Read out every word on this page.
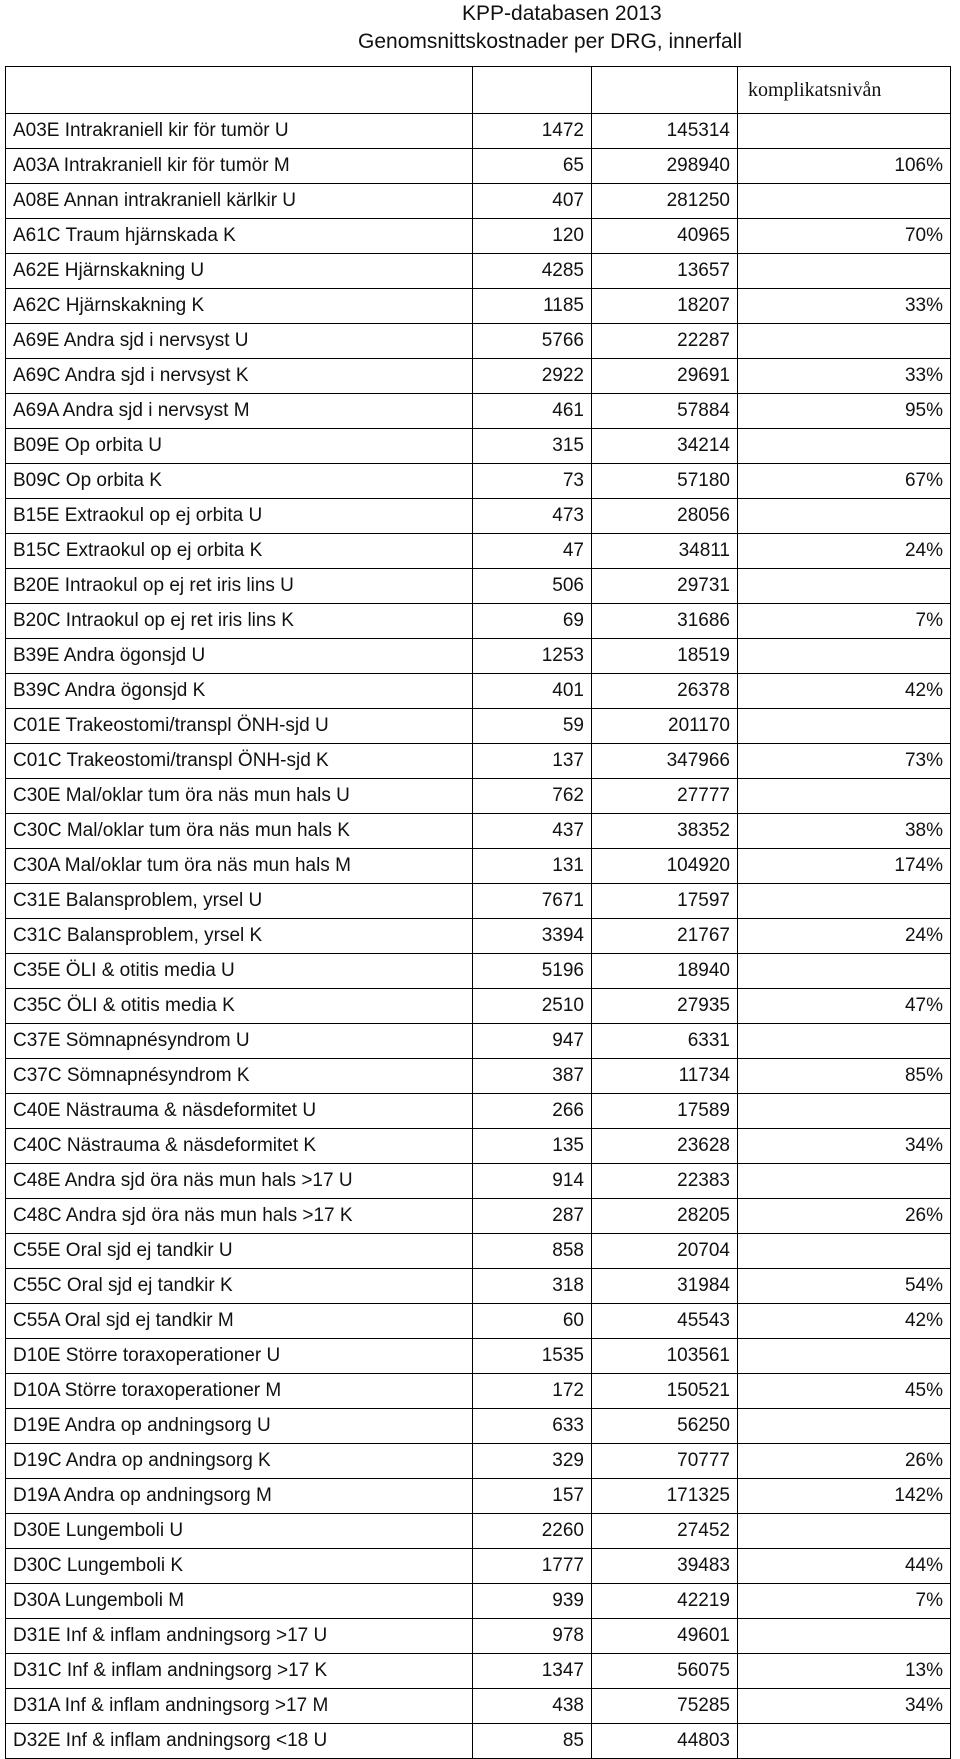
KPP-databasen 2013
Genomsnittskostnader per DRG, innerfall
			komplikatsnivån
A03E Intrakraniell kir för tumör U	1472	145314	
A03A Intrakraniell kir för tumör M	65	298940	106%
A08E Annan intrakraniell kärlkir U	407	281250	
A61C Traum hjärnskada K	120	40965	70%
A62E Hjärnskakning U	4285	13657	
A62C Hjärnskakning K	1185	18207	33%
A69E Andra sjd i nervsyst U	5766	22287	
A69C Andra sjd i nervsyst K	2922	29691	33%
A69A Andra sjd i nervsyst M	461	57884	95%
B09E Op orbita U	315	34214	
B09C Op orbita K	73	57180	67%
B15E Extraokul op ej orbita U	473	28056	
B15C Extraokul op ej orbita K	47	34811	24%
B20E Intraokul op ej ret iris lins U	506	29731	
B20C Intraokul op ej ret iris lins K	69	31686	7%
B39E Andra ögonsjd U	1253	18519	
B39C Andra ögonsjd K	401	26378	42%
C01E Trakeostomi/transpl ÖNH-sjd U	59	201170	
C01C Trakeostomi/transpl ÖNH-sjd K	137	347966	73%
C30E Mal/oklar tum öra näs mun hals U	762	27777	
C30C Mal/oklar tum öra näs mun hals K	437	38352	38%
C30A Mal/oklar tum öra näs mun hals M	131	104920	174%
C31E Balansproblem, yrsel U	7671	17597	
C31C Balansproblem, yrsel K	3394	21767	24%
C35E ÖLI & otitis media U	5196	18940	
C35C ÖLI & otitis media K	2510	27935	47%
C37E Sömnapnésyndrom U	947	6331	
C37C Sömnapnésyndrom K	387	11734	85%
C40E Nästrauma & näsdeformitet U	266	17589	
C40C Nästrauma & näsdeformitet K	135	23628	34%
C48E Andra sjd öra näs mun hals >17 U	914	22383	
C48C Andra sjd öra näs mun hals >17 K	287	28205	26%
C55E Oral sjd ej tandkir U	858	20704	
C55C Oral sjd ej tandkir K	318	31984	54%
C55A Oral sjd ej tandkir M	60	45543	42%
D10E Större toraxoperationer U	1535	103561	
D10A Större toraxoperationer M	172	150521	45%
D19E Andra op andningsorg U	633	56250	
D19C Andra op andningsorg K	329	70777	26%
D19A Andra op andningsorg M	157	171325	142%
D30E Lungemboli U	2260	27452	
D30C Lungemboli K	1777	39483	44%
D30A Lungemboli M	939	42219	7%
D31E Inf & inflam andningsorg >17 U	978	49601	
D31C Inf & inflam andningsorg >17 K	1347	56075	13%
D31A Inf & inflam andningsorg >17 M	438	75285	34%
D32E Inf & inflam andningsorg <18 U	85	44803	
